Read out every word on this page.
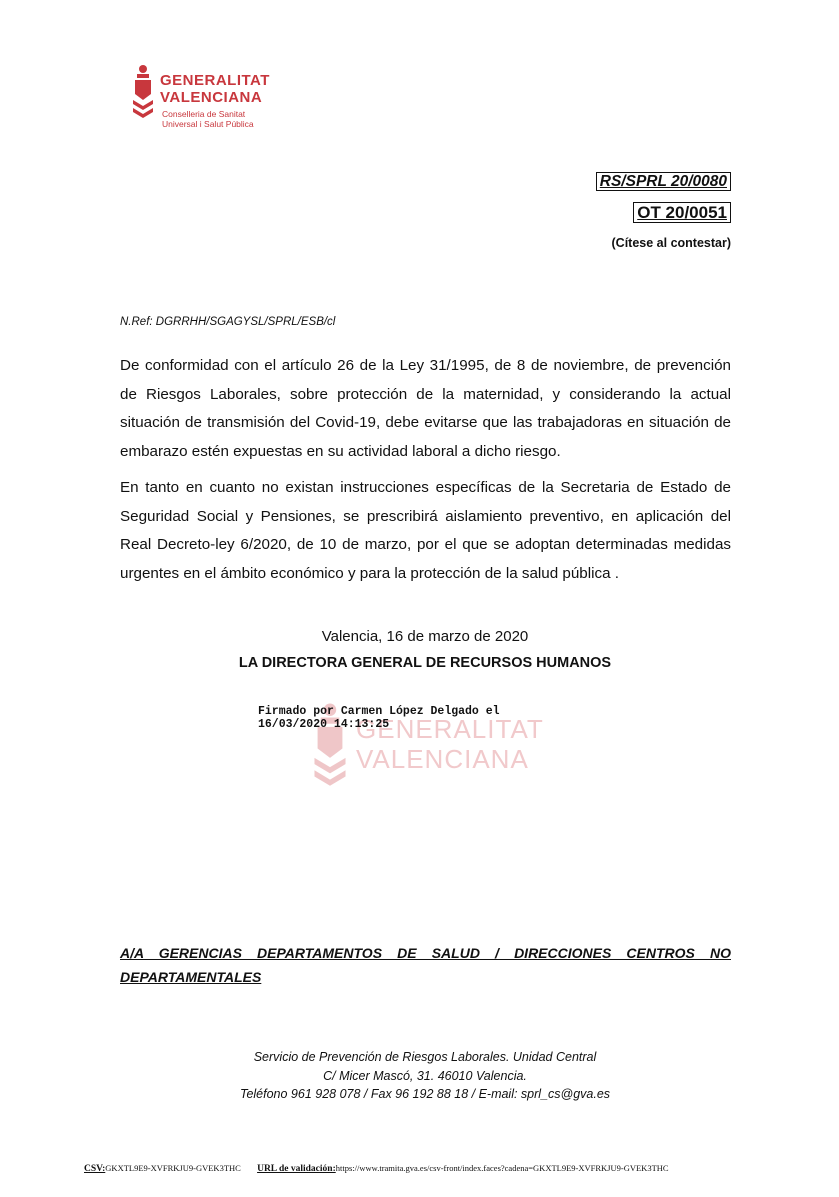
GENERALITAT
VALENCIANA
Conselleria de Sanitat
Universal i Salut Pública
RS/SPRL 20/0080
OT 20/0051
(Cítese al contestar)
N.Ref: DGRRHH/SGAGYSL/SPRL/ESB/cl
De conformidad con el artículo 26 de la Ley 31/1995, de 8 de noviembre, de prevención de Riesgos Laborales, sobre protección de la maternidad, y considerando la actual situación de transmisión del Covid-19, debe evitarse que las trabajadoras en situación de embarazo estén expuestas en su actividad laboral a dicho riesgo.
En tanto en cuanto no existan instrucciones específicas de la Secretaria de Estado de Seguridad Social y Pensiones, se prescribirá aislamiento preventivo, en aplicación del Real Decreto-ley 6/2020, de 10 de marzo, por el que se adoptan determinadas medidas urgentes en el ámbito económico y para la protección de la salud pública .
Valencia, 16 de marzo de 2020
LA DIRECTORA GENERAL DE RECURSOS HUMANOS
GENERALITAT
VALENCIANA
Firmado por Carmen López Delgado el
16/03/2020 14:13:25
A/A GERENCIAS DEPARTAMENTOS DE SALUD / DIRECCIONES CENTROS NO DEPARTAMENTALES
Servicio de Prevención de Riesgos Laborales. Unidad Central
C/ Micer Mascó, 31. 46010 Valencia.
Teléfono 961 928 078 / Fax 96 192 88 18 / E-mail: sprl_cs@gva.es
CSV:GKXTL9E9-XVFRKJU9-GVEK3THC URL de validación:https://www.tramita.gva.es/csv-front/index.faces?cadena=GKXTL9E9-XVFRKJU9-GVEK3THC
